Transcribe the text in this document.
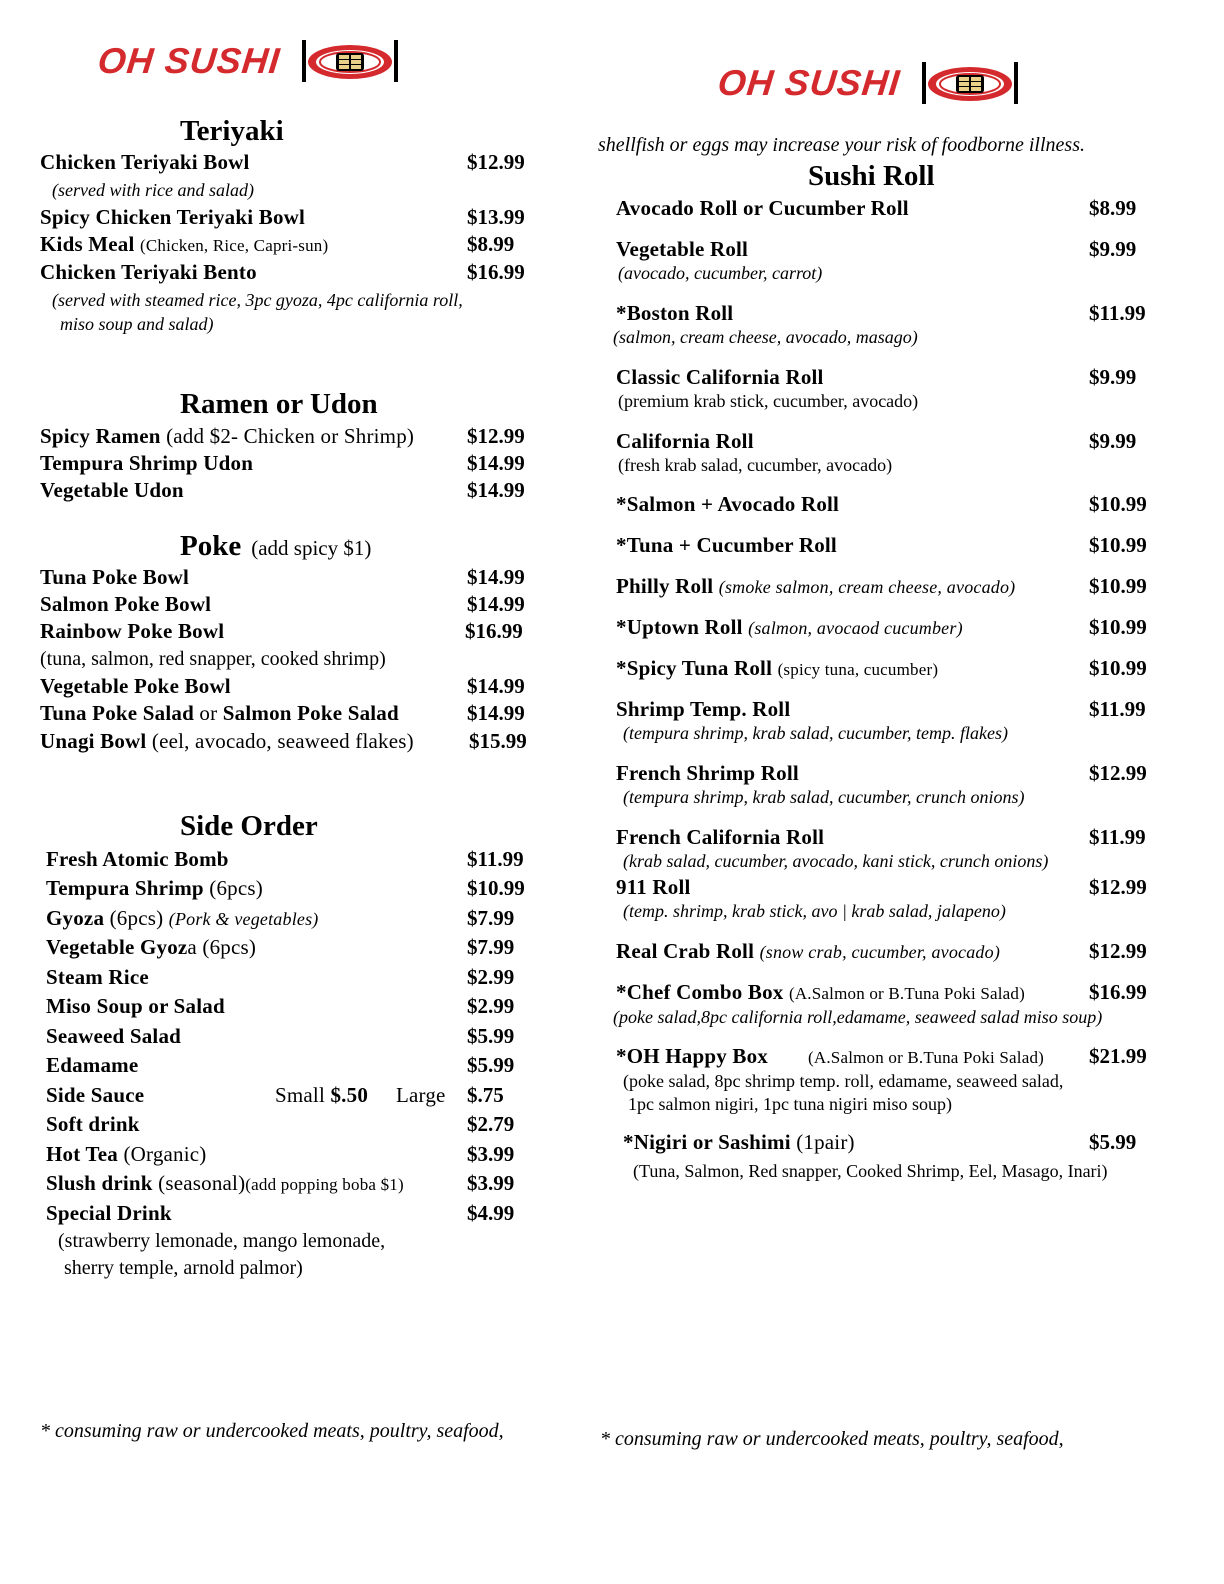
OH SUSHI
OH SUSHI
Teriyaki
Chicken Teriyaki Bowl	$12.99
(served with rice and salad)
Spicy Chicken Teriyaki Bowl	$13.99
Kids Meal (Chicken, Rice, Capri-sun)	$8.99
Chicken Teriyaki Bento	$16.99
(served with steamed rice, 3pc gyoza, 4pc california roll,
miso soup and salad)
Ramen or Udon
Spicy Ramen (add $2- Chicken or Shrimp)	$12.99
Tempura Shrimp Udon	$14.99
Vegetable Udon	$14.99
Poke (add spicy $1)
Tuna Poke Bowl	$14.99
Salmon Poke Bowl	$14.99
Rainbow Poke Bowl	$16.99
(tuna, salmon, red snapper, cooked shrimp)
Vegetable Poke Bowl	$14.99
Tuna Poke Salad or Salmon Poke Salad	$14.99
Unagi Bowl (eel, avocado, seaweed flakes)	$15.99
Side Order
Fresh Atomic Bomb	$11.99
Tempura Shrimp (6pcs)	$10.99
Gyoza (6pcs) (Pork & vegetables)	$7.99
Vegetable Gyoza (6pcs)	$7.99
Steam Rice	$2.99
Miso Soup or Salad	$2.99
Seaweed Salad	$5.99
Edamame	$5.99
Side Sauce	Small $.50 Large $.75
Soft drink	$2.79
Hot Tea (Organic)	$3.99
Slush drink (seasonal)(add popping boba $1)	$3.99
Special Drink	$4.99
(strawberry lemonade, mango lemonade,
sherry temple, arnold palmor)
* consuming raw or undercooked meats, poultry, seafood,
shellfish or eggs may increase your risk of foodborne illness.
Sushi Roll
Avocado Roll or Cucumber Roll	$8.99
Vegetable Roll	$9.99
(avocado, cucumber, carrot)
*Boston Roll	$11.99
(salmon, cream cheese, avocado, masago)
Classic California Roll	$9.99
(premium krab stick, cucumber, avocado)
California Roll	$9.99
(fresh krab salad, cucumber, avocado)
*Salmon + Avocado Roll	$10.99
*Tuna + Cucumber Roll	$10.99
Philly Roll (smoke salmon, cream cheese, avocado)	$10.99
*Uptown Roll (salmon, avocaod cucumber)	$10.99
*Spicy Tuna Roll (spicy tuna, cucumber)	$10.99
Shrimp Temp. Roll	$11.99
(tempura shrimp, krab salad, cucumber, temp. flakes)
French Shrimp Roll	$12.99
(tempura shrimp, krab salad, cucumber, crunch onions)
French California Roll	$11.99
(krab salad, cucumber, avocado, kani stick, crunch onions)
911 Roll	$12.99
(temp. shrimp, krab stick, avo | krab salad, jalapeno)
Real Crab Roll (snow crab, cucumber, avocado)	$12.99
*Chef Combo Box (A.Salmon or B.Tuna Poki Salad)	$16.99
(poke salad,8pc california roll,edamame, seaweed salad miso soup)
*OH Happy Box (A.Salmon or B.Tuna Poki Salad) $21.99
(poke salad, 8pc shrimp temp. roll, edamame, seaweed salad,
1pc salmon nigiri, 1pc tuna nigiri miso soup)
*Nigiri or Sashimi (1pair)	$5.99
(Tuna, Salmon, Red snapper, Cooked Shrimp, Eel, Masago, Inari)
* consuming raw or undercooked meats, poultry, seafood,
